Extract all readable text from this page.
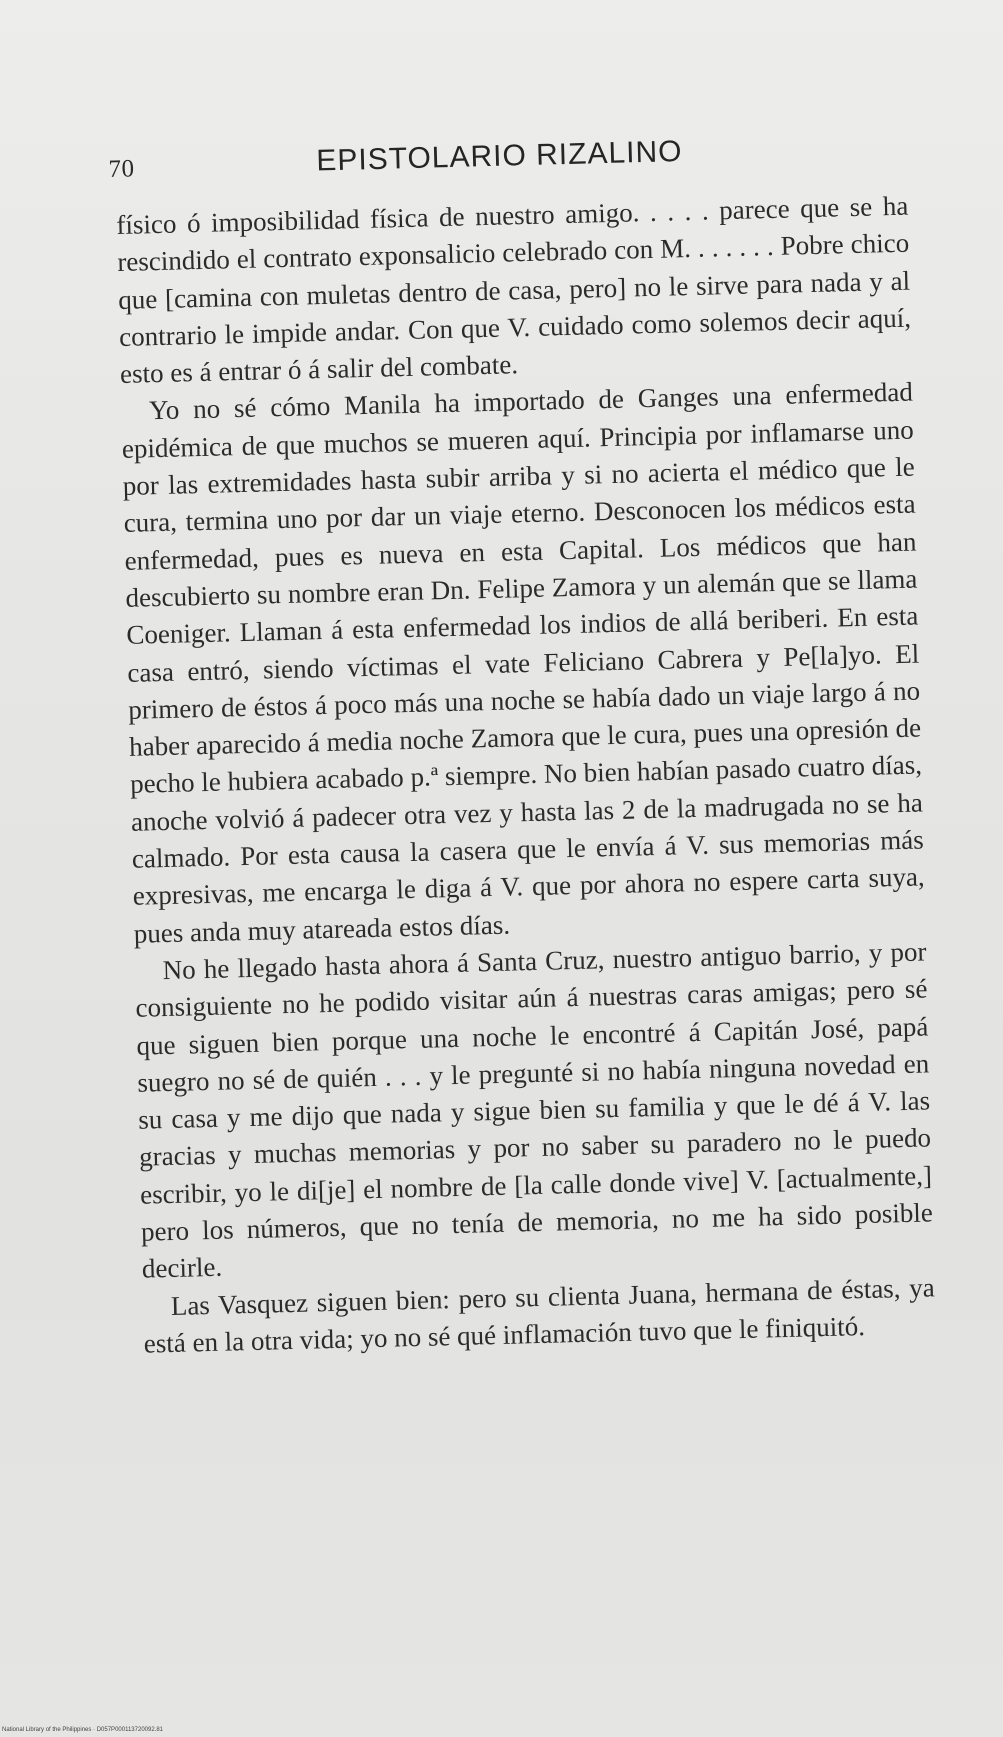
70	EPISTOLARIO RIZALINO

físico ó imposibilidad física de nuestro amigo. . . . . parece que se ha rescindido el contrato exponsalicio celebrado con M. . . . . . . Pobre chico que [camina con muletas dentro de casa, pero] no le sirve para nada y al contrario le impide andar. Con que V. cuidado como solemos decir aquí, esto es á entrar ó á salir del combate.

Yo no sé cómo Manila ha importado de Ganges una enfermedad epidémica de que muchos se mueren aquí. Principia por inflamarse uno por las extremidades hasta subir arriba y si no acierta el médico que le cura, termina uno por dar un viaje eterno. Desconocen los médicos esta enfermedad, pues es nueva en esta Capital. Los médicos que han descubierto su nombre eran Dn. Felipe Zamora y un alemán que se llama Coeniger. Llaman á esta enfermedad los indios de allá beriberi. En esta casa entró, siendo víctimas el vate Feliciano Cabrera y Pe[la]yo. El primero de éstos á poco más una noche se había dado un viaje largo á no haber aparecido á media noche Zamora que le cura, pues una opresión de pecho le hubiera acabado p.ª siempre. No bien habían pasado cuatro días, anoche volvió á padecer otra vez y hasta las 2 de la madrugada no se ha calmado. Por esta causa la casera que le envía á V. sus memorias más expresivas, me encarga le diga á V. que por ahora no espere carta suya, pues anda muy atareada estos días.

No he llegado hasta ahora á Santa Cruz, nuestro antiguo barrio, y por consiguiente no he podido visitar aún á nuestras caras amigas; pero sé que siguen bien porque una noche le encontré á Capitán José, papá suegro no sé de quién . . . y le pregunté si no había ninguna novedad en su casa y me dijo que nada y sigue bien su familia y que le dé á V. las gracias y muchas memorias y por no saber su paradero no le puedo escribir, yo le di[je] el nombre de [la calle donde vive] V. [actualmente,] pero los números, que no tenía de memoria, no me ha sido posible decirle.

Las Vasquez siguen bien: pero su clienta Juana, hermana de éstas, ya está en la otra vida; yo no sé qué inflamación tuvo que le finiquitó.

National Library of the Philippines · D057P000113720092.81
